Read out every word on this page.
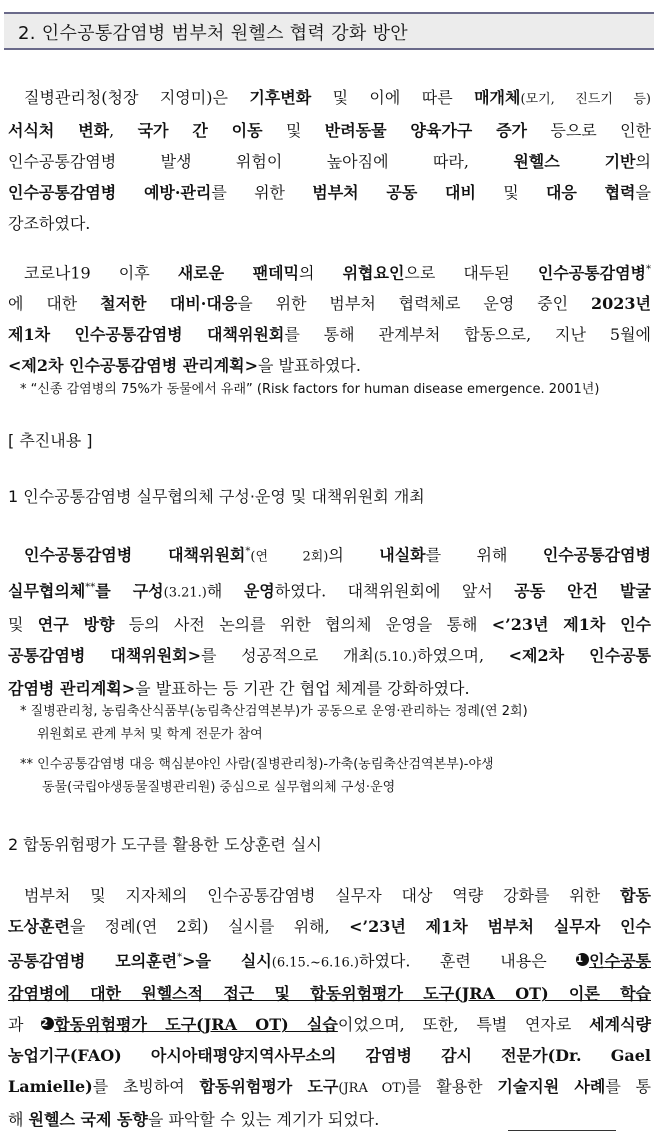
2. 인수공통감염병 범부처 원헬스 협력 강화 방안
질병관리청(청장 지영미)은 기후변화 및 이에 따른 매개체(모기, 진드기 등)
서식처 변화, 국가 간 이동 및 반려동물 양육가구 증가 등으로 인한
인수공통감염병 발생 위험이 높아짐에 따라, 원헬스 기반의
인수공통감염병 예방·관리를 위한 범부처 공동 대비 및 대응 협력을
강조하였다.
코로나19 이후 새로운 팬데믹의 위협요인으로 대두된 인수공통감염병*
에 대한 철저한 대비·대응을 위한 범부처 협력체로 운영 중인 2023년
제1차 인수공통감염병 대책위원회를 통해 관계부처 합동으로, 지난 5월에
<제2차 인수공통감염병 관리계획>을 발표하였다.
* “신종 감염병의 75%가 동물에서 유래” (Risk factors for human disease emergence. 2001년)
[ 추진내용 ]
1 인수공통감염병 실무협의체 구성·운영 및 대책위원회 개최
인수공통감염병 대책위원회*(연 2회)의 내실화를 위해 인수공통감염병
실무협의체**를 구성(3.21.)해 운영하였다. 대책위원회에 앞서 공동 안건 발굴
및 연구 방향 등의 사전 논의를 위한 협의체 운영을 통해 <’23년 제1차 인수
공통감염병 대책위원회>를 성공적으로 개최(5.10.)하였으며, <제2차 인수공통
감염병 관리계획>을 발표하는 등 기관 간 협업 체계를 강화하였다.
* 질병관리청, 농림축산식품부(농림축산검역본부)가 공동으로 운영·관리하는 정례(연 2회)
위원회로 관계 부처 및 학계 전문가 참여
** 인수공통감염병 대응 핵심분야인 사람(질병관리청)-가축(농림축산검역본부)-야생
동물(국립야생동물질병관리원) 중심으로 실무협의체 구성·운영
2 합동위험평가 도구를 활용한 도상훈련 실시
범부처 및 지자체의 인수공통감염병 실무자 대상 역량 강화를 위한 합동
도상훈련을 정례(연 2회) 실시를 위해, <’23년 제1차 범부처 실무자 인수
공통감염병 모의훈련*>을 실시(6.15.~6.16.)하였다. 훈련 내용은 1 인수공통
감염병에 대한 원헬스적 접근 및 합동위험평가 도구(JRA OT) 이론 학습
과 2 합동위험평가 도구(JRA OT) 실습이었으며, 또한, 특별 연자로 세계식량
농업기구(FAO) 아시아태평양지역사무소의 감염병 감시 전문가(Dr. Gael
Lamielle)를 초빙하여 합동위험평가 도구(JRA OT)를 활용한 기술지원 사례를 통
해 원헬스 국제 동향을 파악할 수 있는 계기가 되었다.
